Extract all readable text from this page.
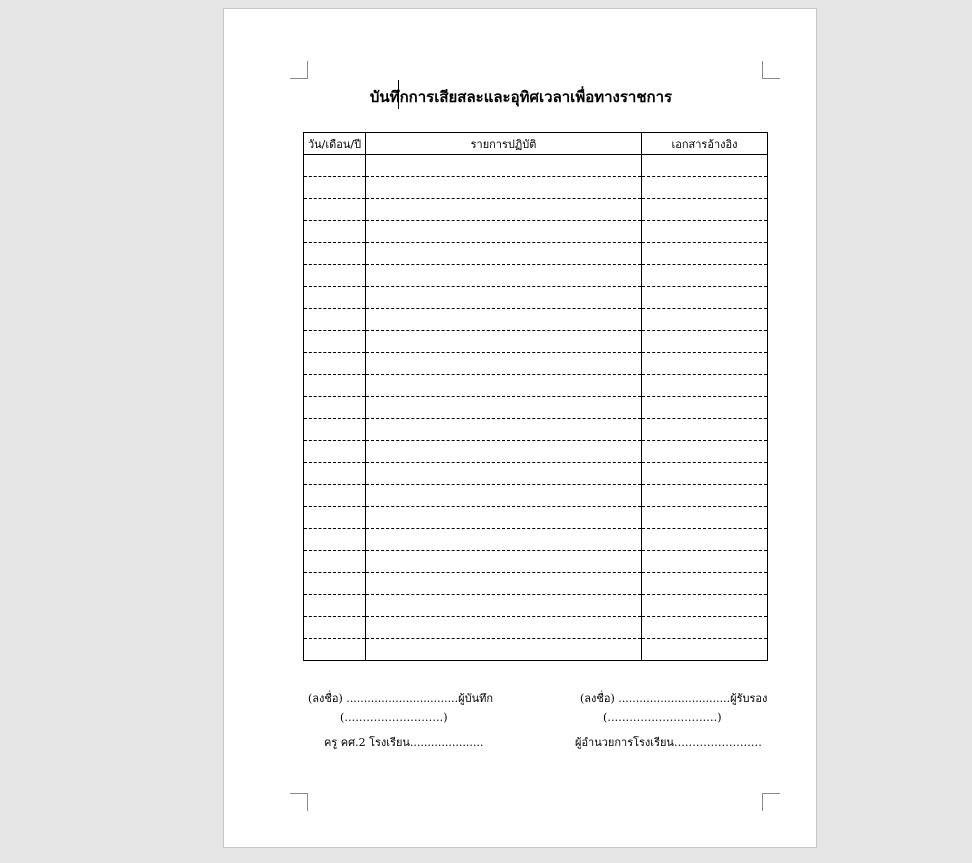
บันทึกการเสียสละและอุทิศเวลาเพื่อทางราชการ
วัน/เดือน/ปี	รายการปฏิบัติ	เอกสารอ้างอิง

(ลงชื่อ) ................................ผู้บันทึก
(………………………)
ครู คศ.2 โรงเรียน.....................
(ลงชื่อ) ................................ผู้รับรอง
(…………………………)
ผู้อำนวยการโรงเรียน……………………
